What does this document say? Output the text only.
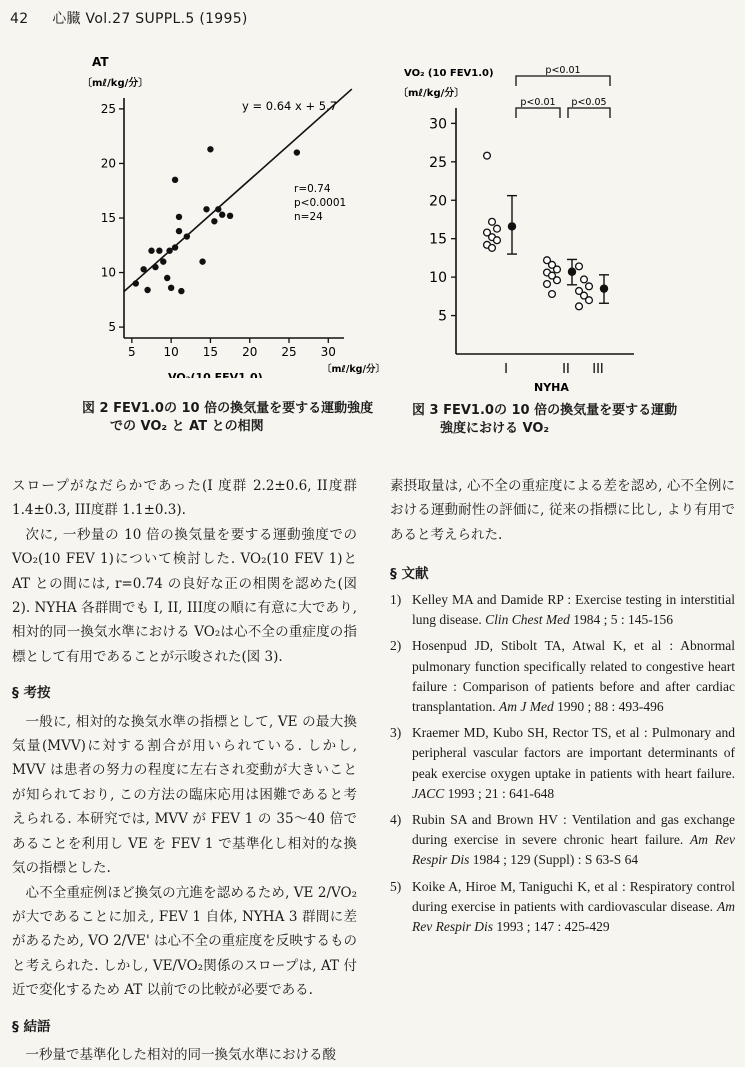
42 心臓 Vol.27 SUPPL.5 (1995)
AT
〔mℓ/kg/分〕
y = 0.64 x + 5.7
r=0.74
p<0.0001
n=24
VO₂(10 FEV1.0)
〔mℓ/kg/分〕
5
10
15
20
25
5 10 15 20 25 30
図 2 FEV1.0の 10 倍の換気量を要する運動強度
での VO₂ と AT との相関
VO₂ (10 FEV1.0)
〔mℓ/kg/分〕
NYHA
5
10
15
20
25
30
I	II III
p<0.01
p<0.01 p<0.05
図 3 FEV1.0の 10 倍の換気量を要する運動
強度における VO₂

スロープがなだらかであった(I 度群 2.2±0.6, II度群 1.4±0.3, III度群 1.1±0.3).

次に, 一秒量の 10 倍の換気量を要する運動強度での VO₂(10 FEV 1)について検討した. VO₂(10 FEV 1)と AT との間には, r=0.74 の良好な正の相関を認めた(図 2). NYHA 各群間でも I, II, III度の順に有意に大であり, 相対的同一換気水準における VO₂は心不全の重症度の指標として有用であることが示唆された(図 3).

§ 考按

一般に, 相対的な換気水準の指標として, VE の最大換気量(MVV)に対する割合が用いられている. しかし, MVV は患者の努力の程度に左右され変動が大きいことが知られており, この方法の臨床応用は困難であると考えられる. 本研究では, MVV が FEV 1 の 35〜40 倍であることを利用し VE を FEV 1 で基準化し相対的な換気の指標とした.

心不全重症例ほど換気の亢進を認めるため, VE 2/VO₂が大であることに加え, FEV 1 自体, NYHA 3 群間に差があるため, VO 2/VE' は心不全の重症度を反映するものと考えられた. しかし, VE/VO₂関係のスロープは, AT 付近で変化するため AT 以前での比較が必要である.

§ 結語

一秒量で基準化した相対的同一換気水準における酸

素摂取量は, 心不全の重症度による差を認め, 心不全例における運動耐性の評価に, 従来の指標に比し, より有用であると考えられた.

§ 文献
1) Kelley MA and Damide RP : Exercise testing in interstitial lung disease. Clin Chest Med 1984 ; 5 : 145-156
2) Hosenpud JD, Stibolt TA, Atwal K, et al : Abnormal pulmonary function specifically related to congestive heart failure : Comparison of patients before and after cardiac transplantation. Am J Med 1990 ; 88 : 493-496
3) Kraemer MD, Kubo SH, Rector TS, et al : Pulmonary and peripheral vascular factors are important determinants of peak exercise oxygen uptake in patients with heart failure. JACC 1993 ; 21 : 641-648
4) Rubin SA and Brown HV : Ventilation and gas exchange during exercise in severe chronic heart failure. Am Rev Respir Dis 1984 ; 129 (Suppl) : S 63-S 64
5) Koike A, Hiroe M, Taniguchi K, et al : Respiratory control during exercise in patients with cardiovascular disease. Am Rev Respir Dis 1993 ; 147 : 425-429
